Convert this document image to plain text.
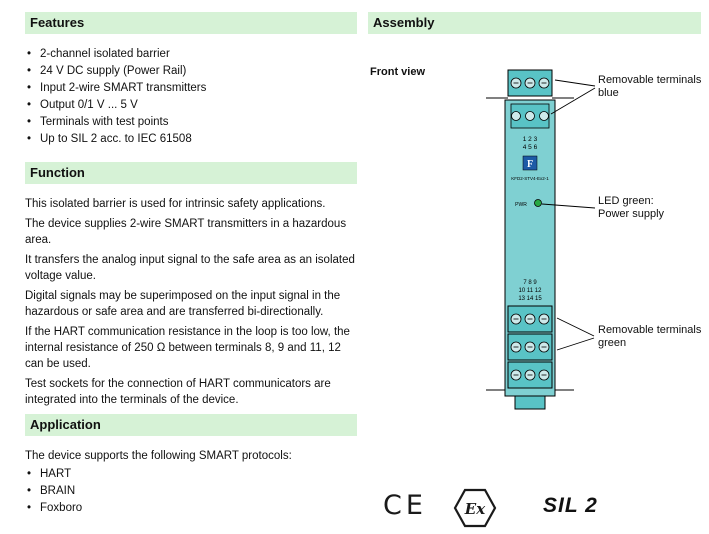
Features
•
2-channel isolated barrier
•
24 V DC supply (Power Rail)
•
Input 2-wire SMART transmitters
•
Output 0/1 V ... 5 V
•
Terminals with test points
•
Up to SIL 2 acc. to IEC 61508
Function

This isolated barrier is used for intrinsic safety applications.

The device supplies 2-wire SMART transmitters in a hazardous area.

It transfers the analog input signal to the safe area as an isolated voltage value.

Digital signals may be superimposed on the input signal in the hazardous or safe area and are transferred bi-directionally.

If the HART communication resistance in the loop is too low, the internal resistance of 250 Ω between terminals 8, 9 and 11, 12 can be used.

Test sockets for the connection of HART communicators are integrated into the terminals of the device.

Application
The device supports the following SMART protocols:
•
HART
•
BRAIN
•
Foxboro
Assembly
Front view
1 2 3
4 5 6
F
KFD2-STV4-Ex2-1
PWR
7 8 9
10 11 12
13 14 15
Removable terminals
blue
LED green:
Power supply
Removable terminals
green
CE	Ex	SIL 2
